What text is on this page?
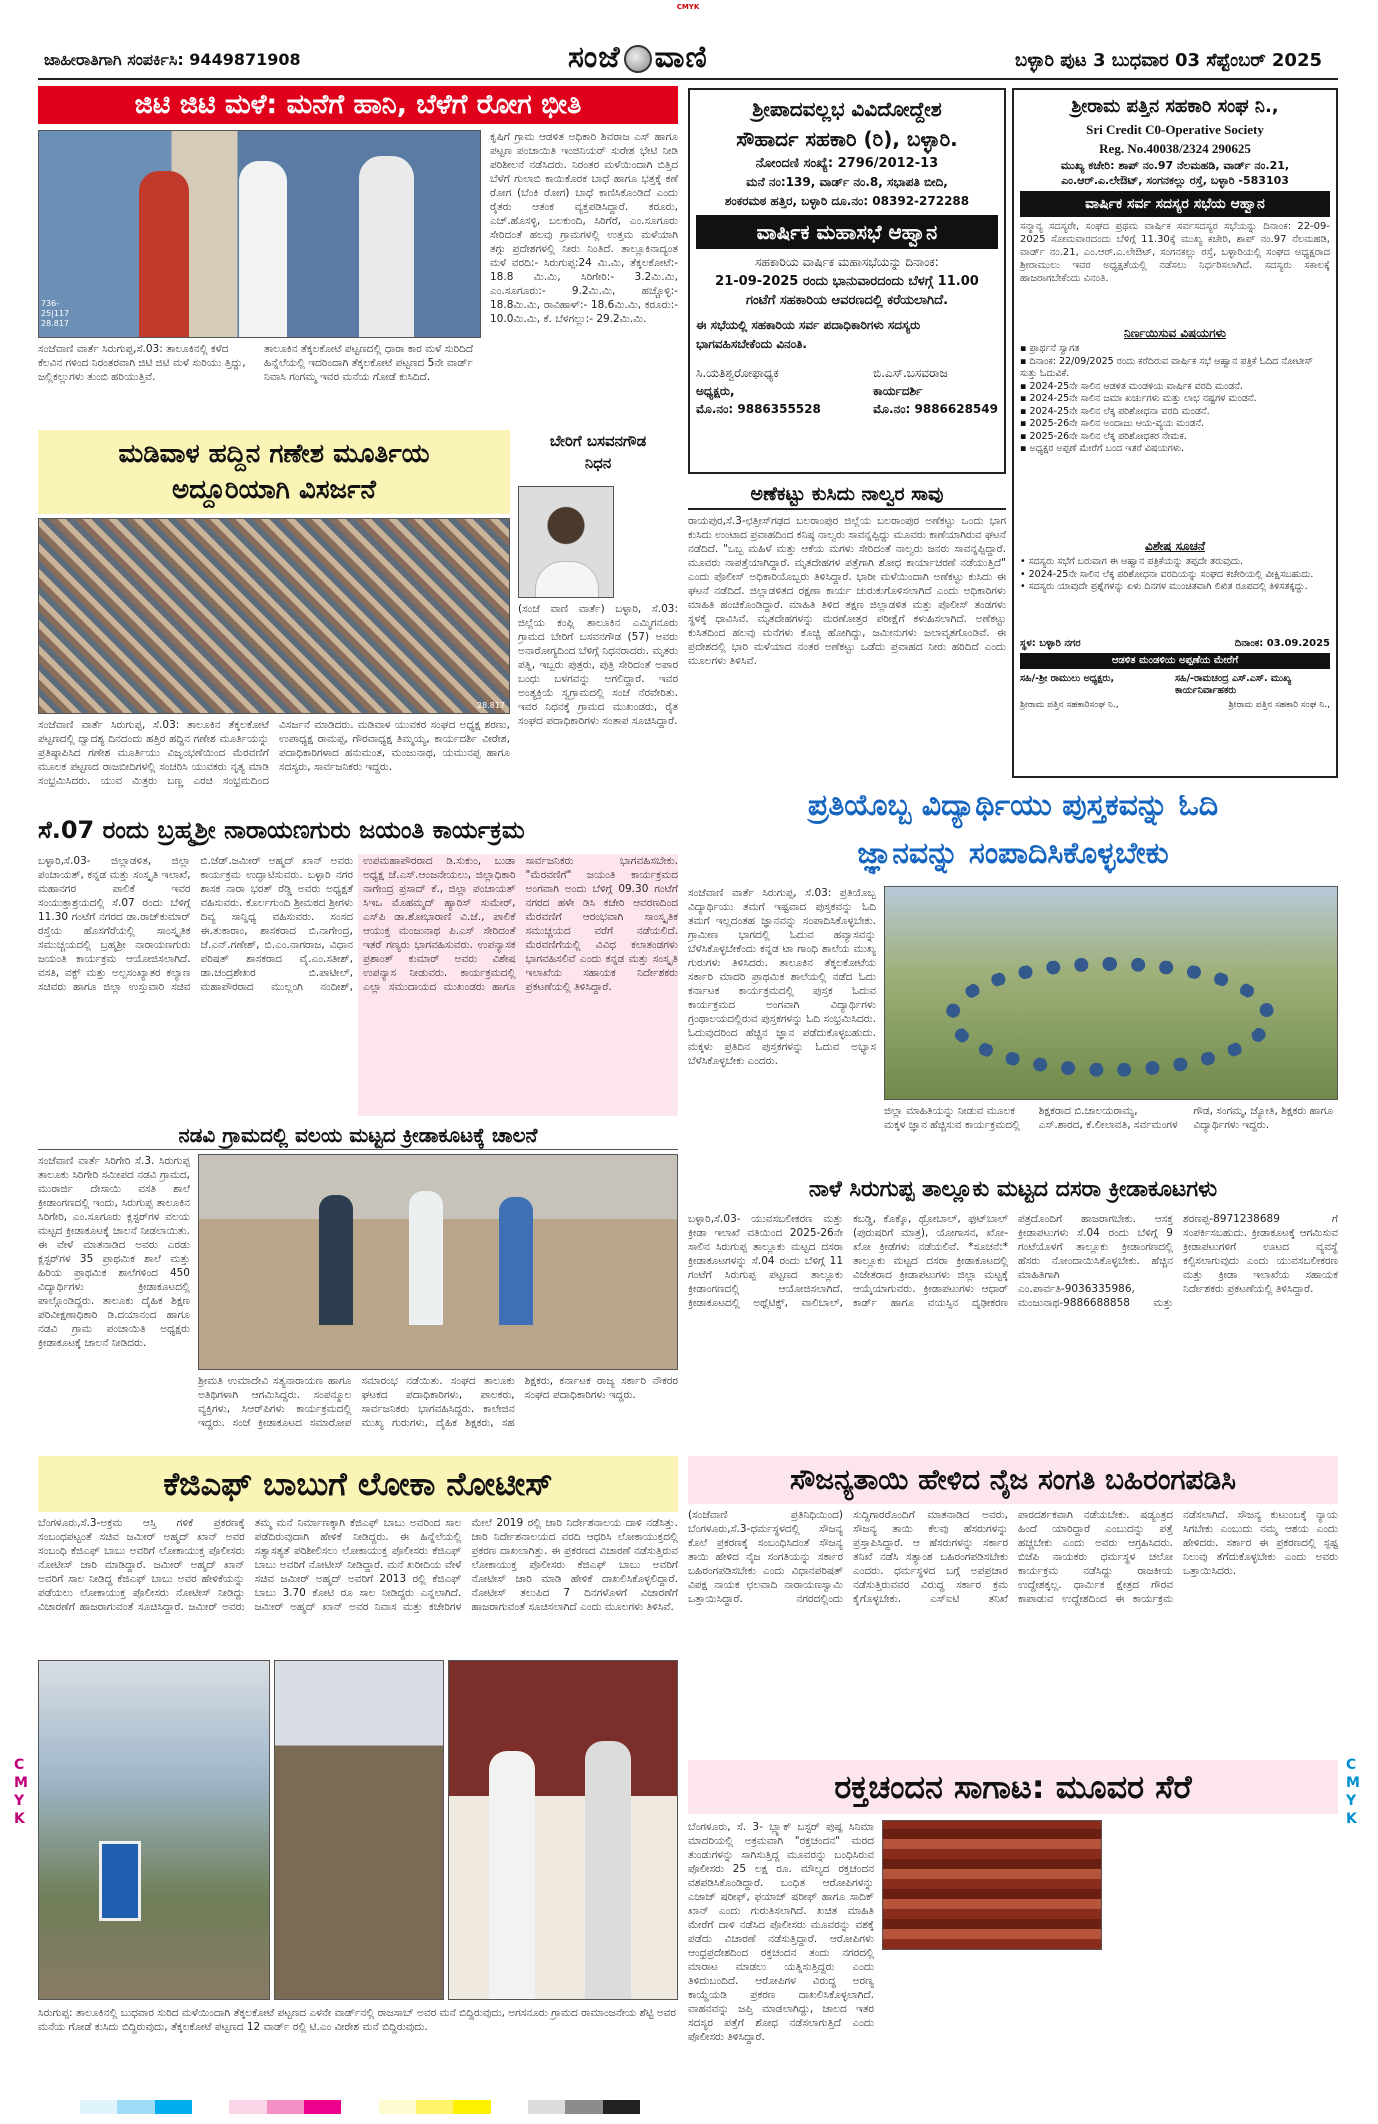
CMYK
ಜಾಹೀರಾತಿಗಾಗಿ ಸಂಪರ್ಕಿಸಿ: 9449871908	ಸಂಜೆ ವಾಣಿ	ಬಳ್ಳಾರಿ ಪುಟ 3 ಬುಧವಾರ 03 ಸೆಪ್ಟೆಂಬರ್ 2025
ಜಿಟಿ ಜಿಟಿ ಮಳೆ: ಮನೆಗೆ ಹಾನಿ, ಬೆಳೆಗೆ ರೋಗ ಭೀತಿ
736- 25|117 28.817
ಸಂಜೆವಾಣಿ ವಾರ್ತೆ ಸಿರುಗುಪ್ಪ,ಸೆ.03: ತಾಲೂಕಿನಲ್ಲಿ ಕಳೆದ ಕೆಲವಿನ ಗಳಿಂದ ನಿರಂತರವಾಗಿ ಜಿಟಿ ಜಿಟಿ ಮಳೆ ಸುರಿಯು ತ್ತಿದ್ದು, ಜಲ್ಲಿಕಲ್ಲುಗಳು ತುಂಬಿ ಹರಿಯುತ್ತಿವೆ.
ತಾಲೂಕಿನ ತೆಕ್ಕಲಕೋಟೆ ಪಟ್ಟಣದಲ್ಲಿ ಧಾರಾ ಕಾರ ಮಳೆ ಸುರಿದಿದೆ ಹಿನ್ನೆಲೆಯಲ್ಲಿ ಇದರಿಂದಾಗಿ ತೆಕ್ಕಲಕೋಟೆ ಪಟ್ಟಣದ 5ನೇ ವಾರ್ಡ್ ನಿವಾಸಿ ಗಂಗಮ್ಮ ಇವರ ಮನೆಯ ಗೋಡೆ ಕುಸಿದಿದೆ.
ಕೃಷಿಗೆ ಗ್ರಾಮ ಆಡಳಿತ ಅಧಿಕಾರಿ ಶಿವರಾಜ ಎಸ್ ಹಾಗೂ ಪಟ್ಟಣ ಪಂಚಾಯಿತಿ ಇಂಜಿನಿಯರ್ ಸುರೇಶ ಭೇಟಿ ನೀಡಿ ಪರಿಶೀಲನೆ ನಡೆಸಿದರು. ನಿರಂತರ ಮಳೆಯಿಂದಾಗಿ ಬಿತ್ತಿದ ಬೆಳೆಗೆ ಗುಲಾಬಿ ಕಾಯಿಕೊರಕ ಬಾಧೆ ಹಾಗೂ ಭತ್ತಕ್ಕೆ ಕಣೆ ರೋಗ (ಬೆಂಕಿ ರೋಗ) ಬಾಧೆ ಕಾಣಿಸಿಕೊಂಡಿದೆ ಎಂದು ರೈತರು ಆತಂಕ ವ್ಯಕ್ತಪಡಿಸಿದ್ದಾರೆ. ಕರೂರು, ಎಚ್.ಹೊಸಳ್ಳಿ, ಬಲಕುಂದಿ, ಸಿರಿಗೆರೆ, ಎಂ.ಸೂಗೂರು ಸೇರಿದಂತೆ ಹಲವು ಗ್ರಾಮಗಳಲ್ಲಿ ಉತ್ತಮ ಮಳೆಯಾಗಿ ತಗ್ಗು ಪ್ರದೇಶಗಳಲ್ಲಿ ನೀರು ನಿಂತಿದೆ. ತಾಲ್ಲೂಕಿನಾದ್ಯಂತ ಮಳೆ ವರದಿ:- ಸಿರುಗುಪ್ಪ:24 ಮಿ.ಮಿ, ತೆಕ್ಕಲಕೋಟೆ:- 18.8 ಮಿ.ಮಿ, ಸಿರಿಗೇರಿ:- 3.2ಮಿ.ಮಿ, ಎಂ.ಸೂಗೂರು:- 9.2ಮಿ.ಮಿ, ಹಚ್ಚೊಳ್ಳಿ:- 18.8ಮಿ.ಮಿ, ರಾವಿಹಾಳ್:- 18.6ಮಿ.ಮಿ, ಕರೂರು:- 10.0ಮಿ.ಮಿ, ಕೆ. ಬೆಳಗಲ್ಲು:- 29.2ಮಿ.ಮಿ.
ಶ್ರೀಪಾದವಲ್ಲಭ ವಿವಿದೋದ್ದೇಶ
ಸೌಹಾರ್ದ ಸಹಕಾರಿ (ರಿ), ಬಳ್ಳಾರಿ.
ನೋಂದಣಿ ಸಂಖ್ಯೆ: 2796/2012-13
ಮನೆ ನಂ:139, ವಾರ್ಡ್ ನಂ.8, ಸಭಾಪತಿ ಬೀದಿ,
ಶಂಕರಮಠ ಹತ್ತಿರ, ಬಳ್ಳಾರಿ ದೂ.ನಂ: 08392-272288
ವಾರ್ಷಿಕ ಮಹಾಸಭೆ ಆಹ್ವಾನ
ಸಹಕಾರಿಯ ವಾರ್ಷಿಕ ಮಹಾಸಭೆಯನ್ನು ದಿನಾಂಕ:
21-09-2025 ರಂದು ಭಾನುವಾರದಂದು ಬೆಳಗ್ಗೆ 11.00
ಗಂಟೆಗೆ ಸಹಕಾರಿಯ ಆವರಣದಲ್ಲಿ ಕರೆಯಲಾಗಿದೆ.
ಈ ಸಭೆಯಲ್ಲಿ ಸಹಕಾರಿಯ ಸರ್ವ ಪದಾಧಿಕಾರಿಗಳು ಸದಸ್ಯರು ಭಾಗವಹಿಸಬೇಕೆಂದು ವಿನಂತಿ.
ಸಿ.ಯತಿಶ್ವರೋಫಾಧ್ಯಕ
ಅಧ್ಯಕ್ಷರು,
ಮೊ.ನಂ: 9886355528
ಬಿ.ಎಸ್.ಬಸವರಾಜ
ಕಾರ್ಯದರ್ಶಿ
ಮೊ.ನಂ: 9886628549
ಶ್ರೀರಾಮ ಪತ್ತಿನ ಸಹಕಾರಿ ಸಂಘ ನಿ.,
Sri Credit C0-Operative Society
Reg. No.40038/2324 290625
ಮುಖ್ಯ ಕಚೇರಿ: ಶಾಪ್ ನಂ.97 ನೆಲಮಹಡಿ, ವಾರ್ಡ್ ನಂ.21,
ಎಂ.ಆರ್.ಎ.ಲೇಔಟ್, ಸಂಗನಕಲ್ಲು ರಸ್ತೆ, ಬಳ್ಳಾರಿ -583103
ವಾರ್ಷಿಕ ಸರ್ವ ಸದಸ್ಯರ ಸಭೆಯ ಆಹ್ವಾನ
ಸನ್ಮಾನ್ಯ ಸದಸ್ಯರೇ, ಸಂಘದ ಪ್ರಥಮ ವಾರ್ಷಿಕ ಸರ್ವಸದಸ್ಯರ ಸಭೆಯನ್ನು ದಿನಾಂಕ: 22-09-2025 ಸೋಮವಾರದಂದು ಬೆಳಿಗ್ಗೆ 11.30ಕ್ಕೆ ಮುಖ್ಯ ಕಚೇರಿ, ಶಾಪ್ ನಂ.97 ನೆಲಮಹಡಿ, ವಾರ್ಡ್ ನಂ.21, ಎಂ.ಆರ್.ಎ.ಲೇಔಟ್, ಸಂಗನಕಲ್ಲು ರಸ್ತೆ, ಬಳ್ಳಾರಿಯಲ್ಲಿ ಸಂಘದ ಅಧ್ಯಕ್ಷರಾದ ಶ್ರೀರಾಮುಲು ಇವರ ಅಧ್ಯಕ್ಷತೆಯಲ್ಲಿ ನಡೆಸಲು ನಿರ್ಧರಿಸಲಾಗಿದೆ. ಸದಸ್ಯರು ಸಕಾಲಕ್ಕೆ ಹಾಜರಾಗಬೇಕೆಂದು ವಿನಂತಿ.
ನಿರ್ಣಯಿಸುವ ವಿಷಯಗಳು
▪ ಪ್ರಾರ್ಥನೆ ಸ್ವಾಗತ
▪ ದಿನಾಂಕ: 22/09/2025 ರಂದು ಕರೆದಿರುವ ವಾರ್ಷಿಕ ಸಭೆ ಆಹ್ವಾನ ಪತ್ರಿಕೆ ಓದಿದ ನೋಟೀಸ್ ಸುತ್ತು ಓದುವಿಕೆ.
▪ 2024-25ನೇ ಸಾಲಿನ ಆಡಳಿತ ಮಂಡಳಿಯ ವಾರ್ಷಿಕ ವರದಿ ಮಂಡನೆ.
▪ 2024-25ನೇ ಸಾಲಿನ ಜಮಾ ಖರ್ಚುಗಳು ಮತ್ತು ಲಾಭ ನಷ್ಟಗಳ ಮಂಡನೆ.
▪ 2024-25ನೇ ಸಾಲಿನ ಲೆಕ್ಕ ಪರಿಶೋಧನಾ ವರದಿ ಮಂಡನೆ.
▪ 2025-26ನೇ ಸಾಲಿನ ಅಂದಾಜು ಆಯ-ವ್ಯಯ ಮಂಡನೆ.
▪ 2025-26ನೇ ಸಾಲಿನ ಲೆಕ್ಕ ಪರಿಶೋಧಕರ ನೇಮಕ.
▪ ಅಧ್ಯಕ್ಷರ ಅಪ್ಪಣೆ ಮೇರೆಗೆ ಬಂದ ಇತರೆ ವಿಷಯಗಳು.
ವಿಶೇಷ ಸೂಚನೆ
• ಸದಸ್ಯರು ಸಭೆಗೆ ಬರುವಾಗ ಈ ಆಹ್ವಾನ ಪತ್ರಿಕೆಯನ್ನು ತಪ್ಪದೇ ತರುವುದು.
• 2024-25ನೇ ಸಾಲಿನ ಲೆಕ್ಕ ಪರಿಶೋಧನಾ ವರದಿಯನ್ನು ಸಂಘದ ಕಚೇರಿಯಲ್ಲಿ ವೀಕ್ಷಿಸಬಹುದು.
• ಸದಸ್ಯರು ಯಾವುದೇ ಪ್ರಶ್ನೆಗಳನ್ನು ಏಳು ದಿನಗಳ ಮುಂಚಿತವಾಗಿ ಲಿಖಿತ ರೂಪದಲ್ಲಿ ತಿಳಿಸತಕ್ಕದ್ದು.
ಸ್ಥಳ: ಬಳ್ಳಾರಿ ನಗರ	ದಿನಾಂಕ: 03.09.2025
ಆಡಳಿತ ಮಂಡಳಿಯ ಅಪ್ಪಣೆಯ ಮೇರೆಗೆ
ಸಹಿ/-ಶ್ರೀ ರಾಮುಲು ಅಧ್ಯಕ್ಷರು,	ಸಹಿ/-ರಾಮಚಂದ್ರ ಎಸ್.ಎಸ್. ಮುಖ್ಯ ಕಾರ್ಯನಿರ್ವಾಹಕರು
ಶ್ರೀರಾಮ ಪತ್ತಿನ ಸಹಕಾರಿಸಂಘ ನಿ.,	ಶ್ರೀರಾಮ ಪತ್ತಿನ ಸಹಕಾರಿ ಸಂಘ ನಿ.,
ಅಣೆಕಟ್ಟು ಕುಸಿದು ನಾಲ್ವರ ಸಾವು
ರಾಯಪುರ,ಸೆ.3-ಛತ್ತೀಸ್‌ಗಢದ ಬಲರಾಂಪುರ ಜಿಲ್ಲೆಯ ಬಲರಾಂಪುರ ಅಣೆಕಟ್ಟು ಒಂದು ಭಾಗ ಕುಸಿದು ಉಂಟಾದ ಪ್ರವಾಹದಿಂದ ಕನಿಷ್ಠ ನಾಲ್ವರು ಸಾವನ್ನಪ್ಪಿದ್ದು ಮೂವರು ಕಾಣೆಯಾಗಿರುವ ಘಟನೆ ನಡೆದಿದೆ. "ಒಬ್ಬ ಮಹಿಳೆ ಮತ್ತು ಆಕೆಯ ಮಗಳು ಸೇರಿದಂತೆ ನಾಲ್ವರು ಜನರು ಸಾವನ್ನಪ್ಪಿದ್ದಾರೆ. ಮೂವರು ನಾಪತ್ತೆಯಾಗಿದ್ದಾರೆ. ಮೃತದೇಹಗಳ ಪತ್ತೆಗಾಗಿ ಶೋಧ ಕಾರ್ಯಾಚರಣೆ ನಡೆಯುತ್ತಿದೆ" ಎಂದು ಪೊಲೀಸ್ ಅಧಿಕಾರಿಯೊಬ್ಬರು ತಿಳಿಸಿದ್ದಾರೆ. ಭಾರೀ ಮಳೆಯಿಂದಾಗಿ ಅಣೆಕಟ್ಟು ಕುಸಿದು ಈ ಘಟನೆ ನಡೆದಿದೆ. ಜಿಲ್ಲಾಡಳಿತದ ರಕ್ಷಣಾ ಕಾರ್ಯ ಚುರುಕುಗೊಳಿಸಲಾಗಿದೆ ಎಂದು ಅಧಿಕಾರಿಗಳು ಮಾಹಿತಿ ಹಂಚಿಕೊಂಡಿದ್ದಾರೆ. ಮಾಹಿತಿ ತಿಳಿದ ತಕ್ಷಣ ಜಿಲ್ಲಾಡಳಿತ ಮತ್ತು ಪೊಲೀಸ್ ತಂಡಗಳು ಸ್ಥಳಕ್ಕೆ ಧಾವಿಸಿವೆ. ಮೃತದೇಹಗಳನ್ನು ಮರಣೋತ್ತರ ಪರೀಕ್ಷೆಗೆ ಕಳುಹಿಸಲಾಗಿದೆ. ಅಣೆಕಟ್ಟು ಕುಸಿತದಿಂದ ಹಲವು ಮನೆಗಳು ಕೊಚ್ಚಿ ಹೋಗಿದ್ದು, ಜಮೀನುಗಳು ಜಲಾವೃತಗೊಂಡಿವೆ. ಈ ಪ್ರದೇಶದಲ್ಲಿ ಭಾರಿ ಮಳೆಯಾದ ನಂತರ ಅಣೆಕಟ್ಟು ಒಡೆದು ಪ್ರವಾಹದ ನೀರು ಹರಿದಿದೆ ಎಂದು ಮೂಲಗಳು ತಿಳಿಸಿವೆ.
ಮಡಿವಾಳ ಹದ್ದಿನ ಗಣೇಶ ಮೂರ್ತಿಯ
ಅದ್ದೂರಿಯಾಗಿ ವಿಸರ್ಜನೆ
28.817
ಸಂಜೆವಾಣಿ ವಾರ್ತೆ ಸಿರುಗುಪ್ಪ, ಸೆ.03: ತಾಲೂಕಿನ ತೆಕ್ಕಲಕೋಟೆ ಪಟ್ಟಣದಲ್ಲಿ ದ್ವಾದಶ್ಯ ದಿನದಂದು ಹತ್ತಿರ ಹದ್ದಿನ ಗಣೇಶ ಮೂರ್ತಿಯನ್ನು ಪ್ರತಿಷ್ಠಾಪಿಸಿದ ಗಣೇಶ ಮೂರ್ತಿಯು ವಿಜೃಂಭಣೆಯಿಂದ ಮೆರವಣಿಗೆ ಮೂಲಕ ಪಟ್ಟಣದ ರಾಜಬೀದಿಗಳಲ್ಲಿ ಸಂಚರಿಸಿ ಯುವಕರು ನೃತ್ಯ ಮಾಡಿ ಸಂಭ್ರಮಿಸಿದರು. ಯುವ ಮಿತ್ರರು ಬಣ್ಣ ಎರಚಿ ಸಂಭ್ರಮದಿಂದ ವಿಸರ್ಜನೆ ಮಾಡಿದರು. ಮಡಿವಾಳ ಯುವಕರ ಸಂಘದ ಅಧ್ಯಕ್ಷ ಶರಣು, ಉಪಾಧ್ಯಕ್ಷ ರಾಮಪ್ಪ, ಗೌರವಾಧ್ಯಕ್ಷ ತಿಮ್ಮಯ್ಯ, ಕಾರ್ಯದರ್ಶಿ ವೀರೇಶ, ಪದಾಧಿಕಾರಿಗಳಾದ ಹನುಮಂತ, ಮಂಜುನಾಥ, ಯಮುನಪ್ಪ ಹಾಗೂ ಸದಸ್ಯರು, ಸಾರ್ವಜನಿಕರು ಇದ್ದರು.
ಬೇರಿಗೆ ಬಸವನಗೌಡ
ನಿಧನ
(ಸಂಜೆ ವಾಣಿ ವಾರ್ತೆ) ಬಳ್ಳಾರಿ, ಸೆ.03: ಜಿಲ್ಲೆಯ ಕಂಪ್ಲಿ ತಾಲೂಕಿನ ಎಮ್ಮಿಗನೂರು ಗ್ರಾಮದ ಬೇರಿಗೆ ಬಸವನಗೌಡ (57) ಅವರು ಅನಾರೋಗ್ಯದಿಂದ ಬೆಳಿಗ್ಗೆ ನಿಧನರಾದರು. ಮೃತರು ಪತ್ನಿ, ಇಬ್ಬರು ಪುತ್ರರು, ಪುತ್ರಿ ಸೇರಿದಂತೆ ಅಪಾರ ಬಂಧು ಬಳಗವನ್ನು ಅಗಲಿದ್ದಾರೆ. ಇವರ ಅಂತ್ಯಕ್ರಿಯೆ ಸ್ವಗ್ರಾಮದಲ್ಲಿ ಸಂಜೆ ನೆರವೇರಿತು. ಇವರ ನಿಧನಕ್ಕೆ ಗ್ರಾಮದ ಮುಖಂಡರು, ರೈತ ಸಂಘದ ಪದಾಧಿಕಾರಿಗಳು ಸಂತಾಪ ಸೂಚಿಸಿದ್ದಾರೆ.
ಸೆ.07 ರಂದು ಬ್ರಹ್ಮಶ್ರೀ ನಾರಾಯಣಗುರು ಜಯಂತಿ ಕಾರ್ಯಕ್ರಮ
ಬಳ್ಳಾರಿ,ಸೆ.03- ಜಿಲ್ಲಾಡಳಿತ, ಜಿಲ್ಲಾ ಪಂಚಾಯತ್, ಕನ್ನಡ ಮತ್ತು ಸಂಸ್ಕೃತಿ ಇಲಾಖೆ, ಮಹಾನಗರ ಪಾಲಿಕೆ ಇವರ ಸಂಯುಕ್ತಾಶ್ರಯದಲ್ಲಿ ಸೆ.07 ರಂದು ಬೆಳಿಗ್ಗೆ 11.30 ಗಂಟೆಗೆ ನಗರದ ಡಾ.ರಾಜ್‌ಕುಮಾರ್ ರಸ್ತೆಯ ಹೊಸಗೆರೆಯಲ್ಲಿ ಸಾಂಸ್ಕೃತಿಕ ಸಮುಚ್ಚಯದಲ್ಲಿ ಬ್ರಹ್ಮಶ್ರೀ ನಾರಾಯಣಗುರು ಜಯಂತಿ ಕಾರ್ಯಕ್ರಮ ಆಯೋಜಿಸಲಾಗಿದೆ. ವಸತಿ, ವಕ್ಫ್ ಮತ್ತು ಅಲ್ಪಸಂಖ್ಯಾತರ ಕಲ್ಯಾಣ ಸಚಿವರು ಹಾಗೂ ಜಿಲ್ಲಾ ಉಸ್ತುವಾರಿ ಸಚಿವ ಬಿ.ಜೆಡ್.ಜಮೀರ್ ಅಹ್ಮದ್ ಖಾನ್ ಅವರು ಕಾರ್ಯಕ್ರಮ ಉದ್ಘಾಟಿಸುವರು. ಬಳ್ಳಾರಿ ನಗರ ಶಾಸಕ ನಾರಾ ಭರತ್ ರೆಡ್ಡಿ ಅವರು ಅಧ್ಯಕ್ಷತೆ ವಹಿಸುವರು. ಕೊರ್ಲಗುಂದಿ ಶ್ರೀಮಠದ ಶ್ರೀಗಳು ದಿವ್ಯ ಸಾನ್ನಿಧ್ಯ ವಹಿಸುವರು. ಸಂಸದ ಈ.ತುಕಾರಾಂ, ಶಾಸಕರಾದ ಬಿ.ನಾಗೇಂದ್ರ, ಜೆ.ಎನ್.ಗಣೇಶ್, ಬಿ.ಎಂ.ನಾಗರಾಜ, ವಿಧಾನ ಪರಿಷತ್ ಶಾಸಕರಾದ ವೈ.ಎಂ.ಸತೀಶ್, ಡಾ.ಚಂದ್ರಶೇಖರ ಬಿ.ಪಾಟೀಲ್, ಮಹಾಪೌರರಾದ ಮುಲ್ಲಂಗಿ ನಂದೀಶ್, ಉಪಮಹಾಪೌರರಾದ ಡಿ.ಸುಕುಂ, ಬುಡಾ ಅಧ್ಯಕ್ಷ ಜೆ.ಎಸ್.ಆಂಜನೇಯಲು, ಜಿಲ್ಲಾಧಿಕಾರಿ ನಾಗೇಂದ್ರ ಪ್ರಸಾದ್ ಕೆ., ಜಿಲ್ಲಾ ಪಂಚಾಯತ್ ಸಿಇಒ ಮೊಹಮ್ಮದ್ ಹ್ಯಾರಿಸ್ ಸುಮೇರ್, ಎಸ್‌ಪಿ ಡಾ.ಶೋಭಾರಾಣಿ ವಿ.ಜೆ., ಪಾಲಿಕೆ ಆಯುಕ್ತ ಮಂಜುನಾಥ ಪಿ.ಎಸ್ ಸೇರಿದಂತೆ ಇತರೆ ಗಣ್ಯರು ಭಾಗವಹಿಸುವರು. ಉಪನ್ಯಾಸಕ ಪ್ರಶಾಂತ್ ಕುಮಾರ್ ಅವರು ವಿಶೇಷ ಉಪನ್ಯಾಸ ನೀಡುವರು. ಕಾರ್ಯಕ್ರಮದಲ್ಲಿ ಎಲ್ಲಾ ಸಮುದಾಯದ ಮುಖಂಡರು ಹಾಗೂ ಸಾರ್ವಜನಿಕರು ಭಾಗವಹಿಸಬೇಕು. "ಮೆರವಣಿಗೆ" ಜಯಂತಿ ಕಾರ್ಯಕ್ರಮದ ಅಂಗವಾಗಿ ಅಂದು ಬೆಳಿಗ್ಗೆ 09.30 ಗಂಟೆಗೆ ನಗರದ ಹಳೇ ಡಿಸಿ ಕಚೇರಿ ಆವರಣದಿಂದ ಮೆರವಣಿಗೆ ಆರಂಭವಾಗಿ ಸಾಂಸ್ಕೃತಿಕ ಸಮುಚ್ಚಯದ ವರೆಗೆ ನಡೆಯಲಿದೆ. ಮೆರವಣಿಗೆಯಲ್ಲಿ ವಿವಿಧ ಕಲಾತಂಡಗಳು ಭಾಗವಹಿಸಲಿವೆ ಎಂದು ಕನ್ನಡ ಮತ್ತು ಸಂಸ್ಕೃತಿ ಇಲಾಖೆಯ ಸಹಾಯಕ ನಿರ್ದೇಶಕರು ಪ್ರಕಟಣೆಯಲ್ಲಿ ತಿಳಿಸಿದ್ದಾರೆ.
ಪ್ರತಿಯೊಬ್ಬ ವಿದ್ಯಾರ್ಥಿಯು ಪುಸ್ತಕವನ್ನು ಓದಿ
ಜ್ಞಾನವನ್ನು ಸಂಪಾದಿಸಿಕೊಳ್ಳಬೇಕು
ಸಂಜೆವಾಣಿ ವಾರ್ತೆ ಸಿರುಗುಪ್ಪ, ಸೆ.03: ಪ್ರತಿಯೊಬ್ಬ ವಿದ್ಯಾರ್ಥಿಯು ತಮಗೆ ಇಷ್ಟವಾದ ಪುಸ್ತಕವನ್ನು ಓದಿ ತಮಗೆ ಇಲ್ಲದಂತಹ ಜ್ಞಾನವನ್ನು ಸಂಪಾದಿಸಿಕೊಳ್ಳಬೇಕು. ಗ್ರಾಮೀಣ ಭಾಗದಲ್ಲಿ ಓದುವ ಹವ್ಯಾಸವನ್ನು ಬೆಳೆಸಿಕೊಳ್ಳಬೇಕೆಂದು ಕನ್ನಡ ಟಾ ಗಾಂಧಿ ಶಾಲೆಯ ಮುಖ್ಯ ಗುರುಗಳು ತಿಳಿಸಿದರು. ತಾಲೂಕಿನ ತೆಕ್ಕಲಕೋಟೆಯ ಸರ್ಕಾರಿ ಮಾದರಿ ಪ್ರಾಥಮಿಕ ಶಾಲೆಯಲ್ಲಿ ನಡೆದ ಓದು ಕರ್ನಾಟಕ ಕಾರ್ಯಕ್ರಮದಲ್ಲಿ ಪುಸ್ತಕ ಓದುವ ಕಾರ್ಯಕ್ರಮದ ಅಂಗವಾಗಿ ವಿದ್ಯಾರ್ಥಿಗಳು ಗ್ರಂಥಾಲಯದಲ್ಲಿರುವ ಪುಸ್ತಕಗಳನ್ನು ಓದಿ ಸಂಭ್ರಮಿಸಿದರು. ಓದುವುದರಿಂದ ಹೆಚ್ಚಿನ ಜ್ಞಾನ ಪಡೆದುಕೊಳ್ಳಬಹುದು. ಮಕ್ಕಳು ಪ್ರತಿದಿನ ಪುಸ್ತಕಗಳನ್ನು ಓದುವ ಅಭ್ಯಾಸ ಬೆಳೆಸಿಕೊಳ್ಳಬೇಕು ಎಂದರು.
ಜಿಲ್ಲಾ ಮಾಹಿತಿಯನ್ನು ನೀಡುವ ಮೂಲಕ ಮಕ್ಕಳ ಜ್ಞಾನ ಹೆಚ್ಚಿಸುವ ಕಾರ್ಯಕ್ರಮದಲ್ಲಿ ಶಿಕ್ಷಕರಾದ ಬಿ.ಚಾಲಯರಾಮ್ಯ, ಎಸ್.ಶಾರದ, ಕೆ.ಲೀಲಾವತಿ, ಸರ್ವಮಂಗಳ ಗೌಡ, ಸಂಗಮ್ಮ, ಜ್ಯೋತಿ, ಶಿಕ್ಷಕರು ಹಾಗೂ ವಿದ್ಯಾರ್ಥಿಗಳು ಇದ್ದರು.
ನಡವಿ ಗ್ರಾಮದಲ್ಲಿ ವಲಯ ಮಟ್ಟದ ಕ್ರೀಡಾಕೂಟಕ್ಕೆ ಚಾಲನೆ
ಸಂಜೆವಾಣಿ ವಾರ್ತೆ ಸಿರಿಗೇರಿ ಸೆ.3. ಸಿರುಗುಪ್ಪ ತಾಲೂಕು ಸಿರಿಗೇರಿ ಸಮೀಪದ ನಡವಿ ಗ್ರಾಮದ, ಮುರಾರ್ಜಿ ದೇಸಾಯಿ ವಸತಿ ಶಾಲೆ ಕ್ರೀಡಾಂಗಣದಲ್ಲಿ ಇಂದು, ಸಿರುಗುಪ್ಪ ತಾಲೂಕಿನ ಸಿರಿಗೇರಿ, ಎಂ.ಸೂಗೂರು ಕ್ಲಸ್ಟರ್‌ಗಳ ವಲಯ ಮಟ್ಟದ ಕ್ರೀಡಾಕೂಟಕ್ಕೆ ಚಾಲನೆ ನೀಡಲಾಯಿತು. ಈ ವೇಳೆ ಮಾತನಾಡಿದ ಅವರು ಎರಡು ಕ್ಲಸ್ಟರ್‌ಗಳ 35 ಪ್ರಾಥಮಿಕ ಶಾಲೆ ಮತ್ತು ಹಿರಿಯ ಪ್ರಾಥಮಿಕ ಶಾಲೆಗಳಿಂದ 450 ವಿದ್ಯಾರ್ಥಿಗಳು ಕ್ರೀಡಾಕೂಟದಲ್ಲಿ ಪಾಲ್ಗೊಂಡಿದ್ದರು. ತಾಲೂಕು ದೈಹಿಕ ಶಿಕ್ಷಣ ಪರಿವೀಕ್ಷಣಾಧಿಕಾರಿ ಡಿ.ದಯಾನಂದ ಹಾಗೂ ನಡವಿ ಗ್ರಾಮ ಪಂಚಾಯಿತಿ ಅಧ್ಯಕ್ಷರು ಕ್ರೀಡಾಕೂಟಕ್ಕೆ ಚಾಲನೆ ನೀಡಿದರು.
ಶ್ರೀಮತಿ ಉಮಾದೇವಿ ಸತ್ಯನಾರಾಯಣ ಹಾಗೂ ಅತಿಥಿಗಳಾಗಿ ಆಗಮಿಸಿದ್ದರು. ಸಂಪನ್ಮೂಲ ವ್ಯಕ್ತಿಗಳು, ಸಿಆರ್‌ಪಿಗಳು ಕಾರ್ಯಕ್ರಮದಲ್ಲಿ ಇದ್ದರು. ಸಂಜೆ ಕ್ರೀಡಾಕೂಟದ ಸಮಾರೋಪ ಸಮಾರಂಭ ನಡೆಯಿತು. ಸಂಘದ ತಾಲೂಕು ಘಟಕದ ಪದಾಧಿಕಾರಿಗಳು, ಪಾಲಕರು, ಸಾರ್ವಜನಿಕರು ಭಾಗವಹಿಸಿದ್ದರು. ಕಾಲೇಜಿನ ಮುಖ್ಯ ಗುರುಗಳು, ದೈಹಿಕ ಶಿಕ್ಷಕರು, ಸಹ ಶಿಕ್ಷಕರು, ಕರ್ನಾಟಕ ರಾಜ್ಯ ಸರ್ಕಾರಿ ನೌಕರರ ಸಂಘದ ಪದಾಧಿಕಾರಿಗಳು ಇದ್ದರು.
ನಾಳೆ ಸಿರುಗುಪ್ಪ ತಾಲ್ಲೂಕು ಮಟ್ಟದ ದಸರಾ ಕ್ರೀಡಾಕೂಟಗಳು
ಬಳ್ಳಾರಿ,ಸೆ.03- ಯುವಸಬಲೀಕರಣ ಮತ್ತು ಕ್ರೀಡಾ ಇಲಾಖೆ ವತಿಯಿಂದ 2025-26ನೇ ಸಾಲಿನ ಸಿರುಗುಪ್ಪ ತಾಲ್ಲೂಕು ಮಟ್ಟದ ದಸರಾ ಕ್ರೀಡಾಕೂಟಗಳನ್ನು ಸೆ.04 ರಂದು ಬೆಳಿಗ್ಗೆ 11 ಗಂಟೆಗೆ ಸಿರುಗುಪ್ಪ ಪಟ್ಟಣದ ತಾಲ್ಲೂಕು ಕ್ರೀಡಾಂಗಣದಲ್ಲಿ ಆಯೋಜಿಸಲಾಗಿದೆ. ಕ್ರೀಡಾಕೂಟದಲ್ಲಿ ಅಥ್ಲೆಟಿಕ್ಸ್, ವಾಲಿಬಾಲ್, ಕಬಡ್ಡಿ, ಕೊಕ್ಕೊ, ಥ್ರೋಬಾಲ್, ಫುಟ್‌ಬಾಲ್ (ಪುರುಷರಿಗೆ ಮಾತ್ರ), ಯೋಗಾಸನ, ಖೋ-ಖೋ ಕ್ರೀಡೆಗಳು ನಡೆಯಲಿವೆ. *ಸೂಚನೆ:* ತಾಲ್ಲೂಕು ಮಟ್ಟದ ದಸರಾ ಕ್ರೀಡಾಕೂಟದಲ್ಲಿ ವಿಜೇತರಾದ ಕ್ರೀಡಾಪಟುಗಳು ಜಿಲ್ಲಾ ಮಟ್ಟಕ್ಕೆ ಆಯ್ಕೆಯಾಗುವರು. ಕ್ರೀಡಾಪಟುಗಳು ಆಧಾರ್ ಕಾರ್ಡ್ ಹಾಗೂ ವಯಸ್ಸಿನ ದೃಢೀಕರಣ ಪತ್ರದೊಂದಿಗೆ ಹಾಜರಾಗಬೇಕು. ಆಸಕ್ತ ಕ್ರೀಡಾಪಟುಗಳು ಸೆ.04 ರಂದು ಬೆಳಿಗ್ಗೆ 9 ಗಂಟೆಯೊಳಗೆ ತಾಲ್ಲೂಕು ಕ್ರೀಡಾಂಗಣದಲ್ಲಿ ಹೆಸರು ನೋಂದಾಯಿಸಿಕೊಳ್ಳಬೇಕು. ಹೆಚ್ಚಿನ ಮಾಹಿತಿಗಾಗಿ ಎಂ.ಪಾರ್ವತಿ-9036335986, ಮಂಜುನಾಥ-9886688858 ಮತ್ತು ಶರಣಪ್ಪ-8971238689 ಗೆ ಸಂಪರ್ಕಿಸಬಹುದು. ಕ್ರೀಡಾಕೂಟಕ್ಕೆ ಆಗಮಿಸುವ ಕ್ರೀಡಾಪಟುಗಳಿಗೆ ಊಟದ ವ್ಯವಸ್ಥೆ ಕಲ್ಪಿಸಲಾಗುವುದು ಎಂದು ಯುವಸಬಲೀಕರಣ ಮತ್ತು ಕ್ರೀಡಾ ಇಲಾಖೆಯ ಸಹಾಯಕ ನಿರ್ದೇಶಕರು ಪ್ರಕಟಣೆಯಲ್ಲಿ ತಿಳಿಸಿದ್ದಾರೆ.
ಕೆಜಿಎಫ್ ಬಾಬುಗೆ ಲೋಕಾ ನೋಟೀಸ್
ಬೆಂಗಳೂರು,ಸೆ.3-ಅಕ್ರಮ ಆಸ್ತಿ ಗಳಿಕೆ ಪ್ರಕರಣಕ್ಕೆ ಸಂಬಂಧಪಟ್ಟಂತೆ ಸಚಿವ ಜಮೀರ್ ಅಹ್ಮದ್ ಖಾನ್ ಅವರ ಸಂಬಂಧಿ ಕೆಜಿಎಫ್ ಬಾಬು ಅವರಿಗೆ ಲೋಕಾಯುಕ್ತ ಪೊಲೀಸರು ನೋಟೀಸ್ ಜಾರಿ ಮಾಡಿದ್ದಾರೆ. ಜಮೀರ್ ಅಹ್ಮದ್ ಖಾನ್ ಅವರಿಗೆ ಸಾಲ ನೀಡಿದ್ದ ಕೆಜಿಎಫ್ ಬಾಬು ಅವರ ಹೇಳಿಕೆಯನ್ನು ಪಡೆಯಲು ಲೋಕಾಯುಕ್ತ ಪೊಲೀಸರು ನೋಟೀಸ್ ನೀಡಿದ್ದು ವಿಚಾರಣೆಗೆ ಹಾಜರಾಗುವಂತೆ ಸೂಚಿಸಿದ್ದಾರೆ. ಜಮೀರ್ ಅವರು ತಮ್ಮ ಮನೆ ನಿರ್ಮಾಣಕ್ಕಾಗಿ ಕೆಜಿಎಫ್ ಬಾಬು ಅವರಿಂದ ಸಾಲ ಪಡೆದಿರುವುದಾಗಿ ಹೇಳಿಕೆ ನೀಡಿದ್ದರು. ಈ ಹಿನ್ನೆಲೆಯಲ್ಲಿ ಸತ್ಯಾಸತ್ಯತೆ ಪರಿಶೀಲಿಸಲು ಲೋಕಾಯುಕ್ತ ಪೊಲೀಸರು ಕೆಜಿಎಫ್ ಬಾಬು ಅವರಿಗೆ ನೋಟೀಸ್ ನೀಡಿದ್ದಾರೆ. ಮನೆ ಖರೀದಿಯ ವೇಳೆ ಸಚಿವ ಜಮೀರ್ ಅಹ್ಮದ್ ಅವರಿಗೆ 2013 ರಲ್ಲಿ ಕೆಜಿಎಫ್ ಬಾಬು 3.70 ಕೋಟಿ ರೂ ಸಾಲ ನೀಡಿದ್ದರು ಎನ್ನಲಾಗಿದೆ. ಜಮೀರ್ ಅಹ್ಮದ್ ಖಾನ್ ಅವರ ನಿವಾಸ ಮತ್ತು ಕಚೇರಿಗಳ ಮೇಲೆ 2019 ರಲ್ಲಿ ಜಾರಿ ನಿರ್ದೇಶನಾಲಯ ದಾಳಿ ನಡೆಸಿತ್ತು. ಜಾರಿ ನಿರ್ದೇಶನಾಲಯದ ವರದಿ ಆಧರಿಸಿ ಲೋಕಾಯುಕ್ತದಲ್ಲಿ ಪ್ರಕರಣ ದಾಖಲಾಗಿತ್ತು. ಈ ಪ್ರಕರಣದ ವಿಚಾರಣೆ ನಡೆಸುತ್ತಿರುವ ಲೋಕಾಯುಕ್ತ ಪೊಲೀಸರು ಕೆಜಿಎಫ್ ಬಾಬು ಅವರಿಗೆ ನೋಟೀಸ್ ಜಾರಿ ಮಾಡಿ ಹೇಳಿಕೆ ದಾಖಲಿಸಿಕೊಳ್ಳಲಿದ್ದಾರೆ. ನೋಟೀಸ್ ತಲುಪಿದ 7 ದಿನಗಳೊಳಗೆ ವಿಚಾರಣೆಗೆ ಹಾಜರಾಗುವಂತೆ ಸೂಚಿಸಲಾಗಿದೆ ಎಂದು ಮೂಲಗಳು ತಿಳಿಸಿವೆ.
ಸಿರುಗುಪ್ಪ: ತಾಲೂಕಿನಲ್ಲಿ ಬುಧವಾರ ಸುರಿದ ಮಳೆಯಿಂದಾಗಿ ತೆಕ್ಕಲಕೋಟೆ ಪಟ್ಟಣದ ಎಳನೇ ವಾರ್ಡ್‌ನಲ್ಲಿ ರಾಜಸಾಬ್ ಅವರ ಮನೆ ಬಿದ್ದಿರುವುದು, ಅಗಸನೂರು ಗ್ರಾಮದ ರಾಮಾಂಜನೇಯ ಶೆಟ್ಟಿ ಅವರ ಮನೆಯ ಗೋಡೆ ಕುಸಿದು ಬಿದ್ದಿರುವುದು, ತೆಕ್ಕಲಕೋಟೆ ಪಟ್ಟಣದ 12 ವಾರ್ಡ್ ರಲ್ಲಿ ಟಿ.ಎಂ ವೀರೇಶ ಮನೆ ಬಿದ್ದಿರುವುದು.
ಸೌಜನ್ಯತಾಯಿ ಹೇಳಿದ ನೈಜ ಸಂಗತಿ ಬಹಿರಂಗಪಡಿಸಿ
(ಸಂಜೆವಾಣಿ ಪ್ರತಿನಿಧಿಯಿಂದ) ಬೆಂಗಳೂರು,ಸೆ.3-ಧರ್ಮಸ್ಥಳದಲ್ಲಿ ಸೌಜನ್ಯ ಕೊಲೆ ಪ್ರಕರಣಕ್ಕೆ ಸಂಬಂಧಿಸಿದಂತೆ ಸೌಜನ್ಯ ತಾಯಿ ಹೇಳಿದ ನೈಜ ಸಂಗತಿಯನ್ನು ಸರ್ಕಾರ ಬಹಿರಂಗಪಡಿಸಬೇಕು ಎಂದು ವಿಧಾನಪರಿಷತ್ ವಿಪಕ್ಷ ನಾಯಕ ಛಲವಾದಿ ನಾರಾಯಣಸ್ವಾಮಿ ಒತ್ತಾಯಿಸಿದ್ದಾರೆ. ನಗರದಲ್ಲಿಂದು ಸುದ್ದಿಗಾರರೊಂದಿಗೆ ಮಾತನಾಡಿದ ಅವರು, ಸೌಜನ್ಯ ತಾಯಿ ಕೆಲವು ಹೆಸರುಗಳನ್ನು ಪ್ರಸ್ತಾಪಿಸಿದ್ದಾರೆ. ಆ ಹೆಸರುಗಳನ್ನು ಸರ್ಕಾರ ತನಿಖೆ ನಡೆಸಿ ಸತ್ಯಾಂಶ ಬಹಿರಂಗಪಡಿಸಬೇಕು ಎಂದರು. ಧರ್ಮಸ್ಥಳದ ಬಗ್ಗೆ ಅಪಪ್ರಚಾರ ನಡೆಸುತ್ತಿರುವವರ ವಿರುದ್ಧ ಸರ್ಕಾರ ಕ್ರಮ ಕೈಗೊಳ್ಳಬೇಕು. ಎಸ್‌ಐಟಿ ತನಿಖೆ ಪಾರದರ್ಶಕವಾಗಿ ನಡೆಯಬೇಕು. ಷಡ್ಯಂತ್ರದ ಹಿಂದೆ ಯಾರಿದ್ದಾರೆ ಎಂಬುದನ್ನು ಪತ್ತೆ ಹಚ್ಚಬೇಕು ಎಂದು ಅವರು ಆಗ್ರಹಿಸಿದರು. ಬಿಜೆಪಿ ನಾಯಕರು ಧರ್ಮಸ್ಥಳ ಚಲೋ ಕಾರ್ಯಕ್ರಮ ನಡೆಸಿದ್ದು ರಾಜಕೀಯ ಉದ್ದೇಶಕ್ಕಲ್ಲ. ಧಾರ್ಮಿಕ ಕ್ಷೇತ್ರದ ಗೌರವ ಕಾಪಾಡುವ ಉದ್ದೇಶದಿಂದ ಈ ಕಾರ್ಯಕ್ರಮ ನಡೆಸಲಾಗಿದೆ. ಸೌಜನ್ಯ ಕುಟುಂಬಕ್ಕೆ ನ್ಯಾಯ ಸಿಗಬೇಕು ಎಂಬುದು ನಮ್ಮ ಆಶಯ ಎಂದು ಹೇಳಿದರು. ಸರ್ಕಾರ ಈ ಪ್ರಕರಣದಲ್ಲಿ ಸ್ಪಷ್ಟ ನಿಲುವು ತೆಗೆದುಕೊಳ್ಳಬೇಕು ಎಂದು ಅವರು ಒತ್ತಾಯಿಸಿದರು.
ರಕ್ತಚಂದನ ಸಾಗಾಟ: ಮೂವರ ಸೆರೆ
ಬೆಂಗಳೂರು, ಸೆ. 3- ಬ್ಲ್ಯಾಕ್ ಬಸ್ಟರ್ ಪುಷ್ಪ ಸಿನಿಮಾ ಮಾದರಿಯಲ್ಲಿ ಅಕ್ರಮವಾಗಿ "ರಕ್ತಚಂದನ" ಮರದ ತುಂಡುಗಳನ್ನು ಸಾಗಿಸುತ್ತಿದ್ದ ಮೂವರನ್ನು ಬಂಧಿಸಿರುವ ಪೊಲೀಸರು 25 ಲಕ್ಷ ರೂ. ಮೌಲ್ಯದ ರಕ್ತಚಂದನ ವಶಪಡಿಸಿಕೊಂಡಿದ್ದಾರೆ. ಬಂಧಿತ ಆರೋಪಿಗಳನ್ನು ಎಜಾಜ್ ಷರೀಫ್, ಫಯಾಜ್ ಷರೀಫ್ ಹಾಗೂ ಸಾದಿಕ್ ಖಾನ್ ಎಂದು ಗುರುತಿಸಲಾಗಿದೆ. ಖಚಿತ ಮಾಹಿತಿ ಮೇರೆಗೆ ದಾಳಿ ನಡೆಸಿದ ಪೊಲೀಸರು ಮೂವರನ್ನು ವಶಕ್ಕೆ ಪಡೆದು ವಿಚಾರಣೆ ನಡೆಸುತ್ತಿದ್ದಾರೆ. ಆರೋಪಿಗಳು ಆಂಧ್ರಪ್ರದೇಶದಿಂದ ರಕ್ತಚಂದನ ತಂದು ನಗರದಲ್ಲಿ ಮಾರಾಟ ಮಾಡಲು ಯತ್ನಿಸುತ್ತಿದ್ದರು ಎಂದು ತಿಳಿದುಬಂದಿದೆ. ಆರೋಪಿಗಳ ವಿರುದ್ಧ ಅರಣ್ಯ ಕಾಯ್ದೆಯಡಿ ಪ್ರಕರಣ ದಾಖಲಿಸಿಕೊಳ್ಳಲಾಗಿದೆ. ವಾಹನವನ್ನು ಜಪ್ತಿ ಮಾಡಲಾಗಿದ್ದು, ಜಾಲದ ಇತರ ಸದಸ್ಯರ ಪತ್ತೆಗೆ ಶೋಧ ನಡೆಸಲಾಗುತ್ತಿದೆ ಎಂದು ಪೊಲೀಸರು ತಿಳಿಸಿದ್ದಾರೆ.
CMYK
CMYK
